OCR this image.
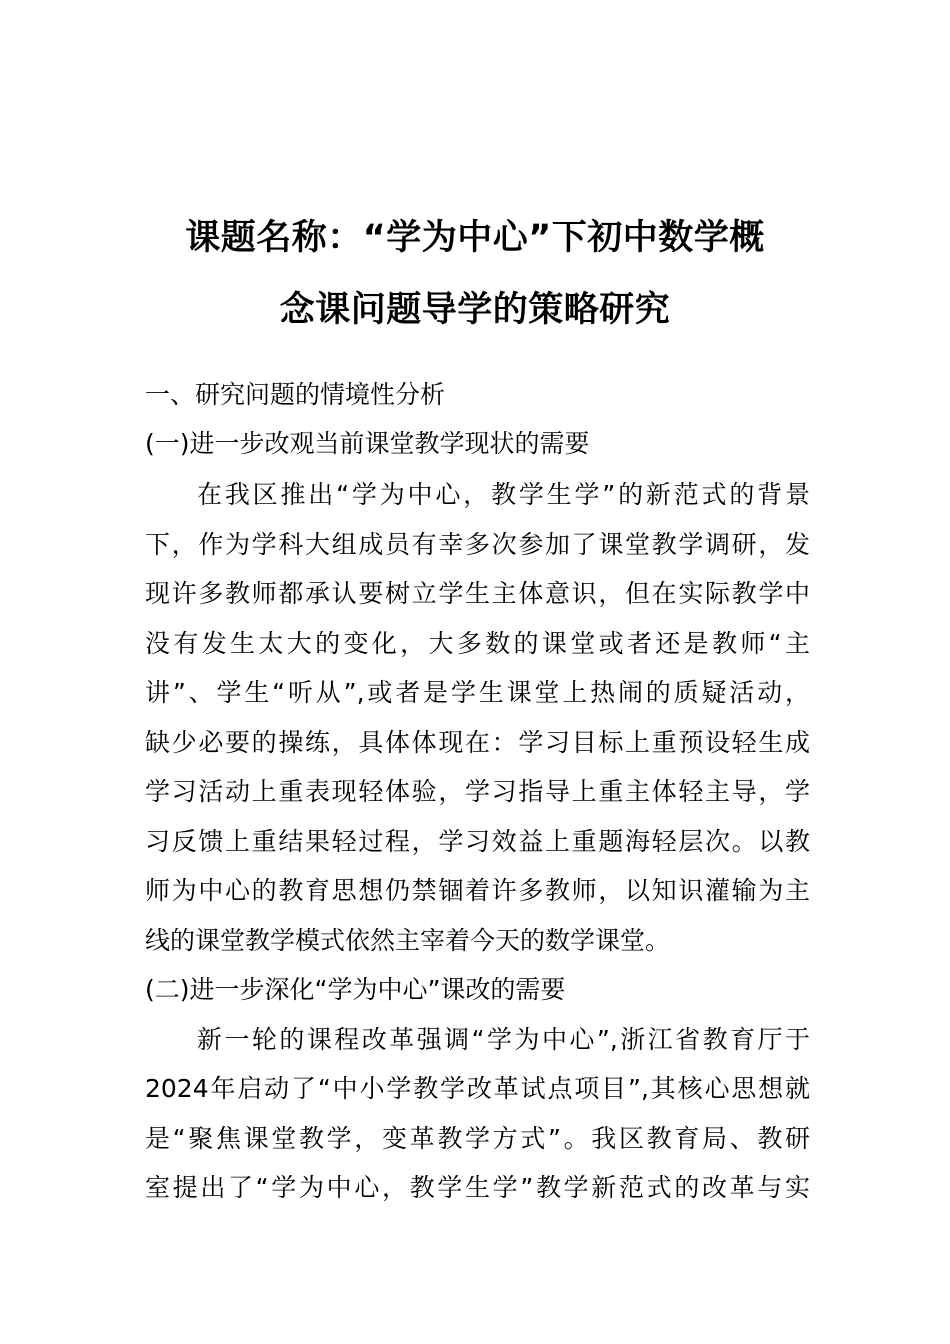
课题名称：“学为中心”下初中数学概
念课问题导学的策略研究
一、研究问题的情境性分析
(一)进一步改观当前课堂教学现状的需要
在我区推出“学为中心，教学生学”的新范式的背景
下，作为学科大组成员有幸多次参加了课堂教学调研，发
现许多教师都承认要树立学生主体意识，但在实际教学中
没有发生太大的变化，大多数的课堂或者还是教师“主
讲”、学生“听从”,或者是学生课堂上热闹的质疑活动，
缺少必要的操练，具体体现在：学习目标上重预设轻生成
学习活动上重表现轻体验，学习指导上重主体轻主导，学
习反馈上重结果轻过程，学习效益上重题海轻层次。以教
师为中心的教育思想仍禁锢着许多教师，以知识灌输为主
线的课堂教学模式依然主宰着今天的数学课堂。
(二)进一步深化“学为中心”课改的需要
新一轮的课程改革强调“学为中心”,浙江省教育厅于
2024年启动了“中小学教学改革试点项目”,其核心思想就
是“聚焦课堂教学，变革教学方式”。我区教育局、教研
室提出了“学为中心，教学生学”教学新范式的改革与实
